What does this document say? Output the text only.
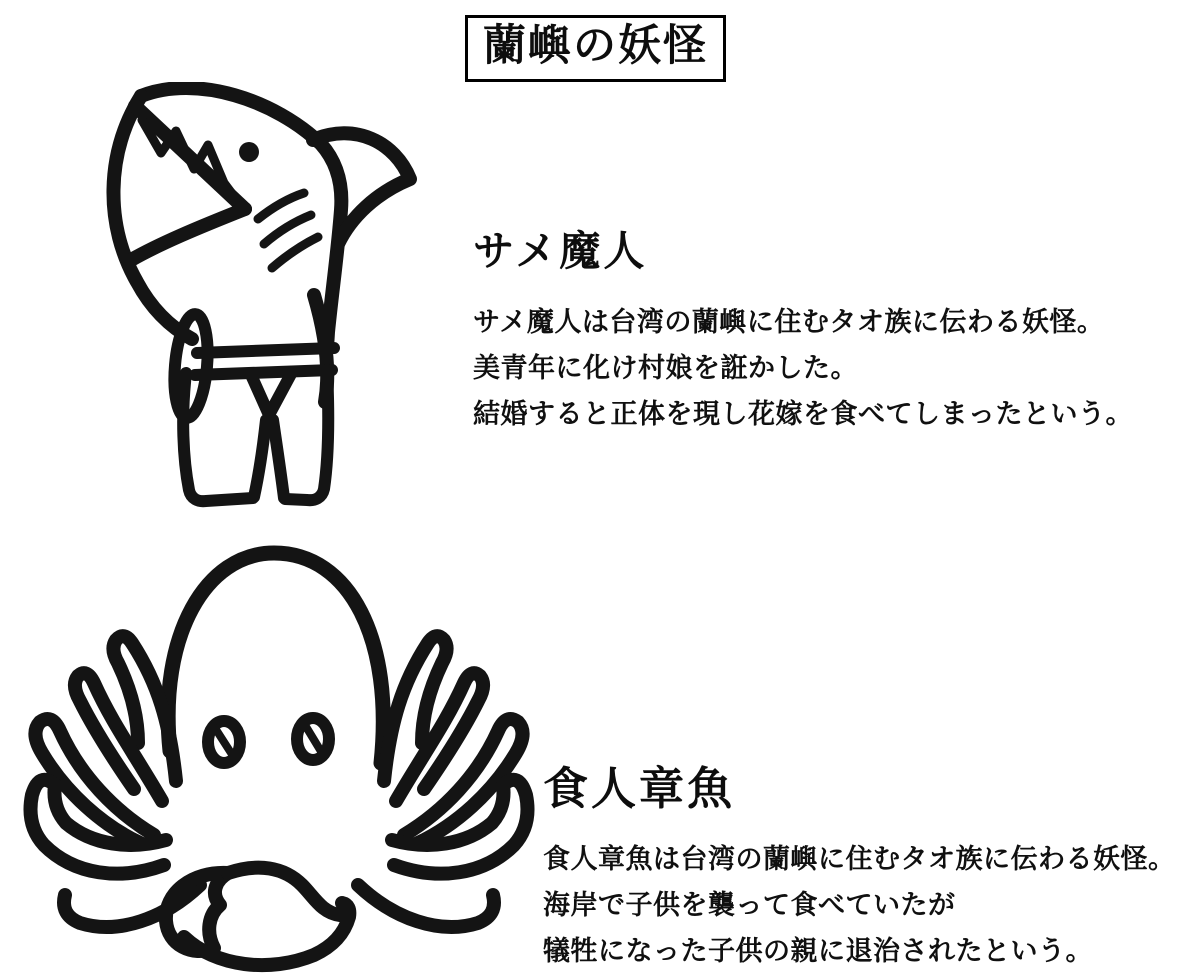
蘭嶼の妖怪
サメ魔人
サメ魔人は台湾の蘭嶼に住むタオ族に伝わる妖怪。
美青年に化け村娘を誑かした。
結婚すると正体を現し花嫁を食べてしまったという。
食人章魚
食人章魚は台湾の蘭嶼に住むタオ族に伝わる妖怪。
海岸で子供を襲って食べていたが
犠牲になった子供の親に退治されたという。
